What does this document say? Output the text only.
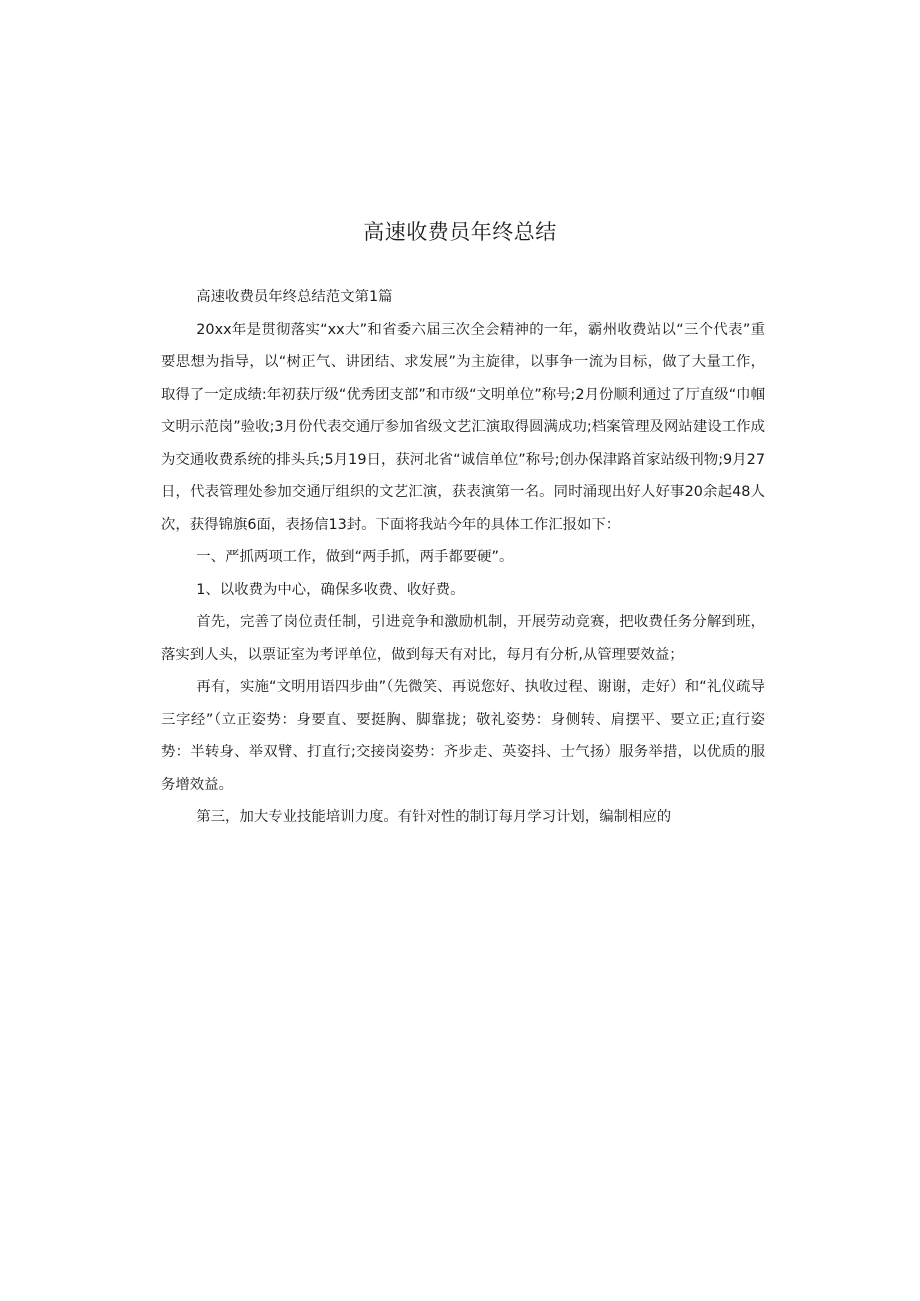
高速收费员年终总结

高速收费员年终总结范文第1篇

20xx年是贯彻落实“xx大”和省委六届三次全会精神的一年，霸州收费站以“三个代表”重要思想为指导，以“树正气、讲团结、求发展”为主旋律，以事争一流为目标，做了大量工作，取得了一定成绩:年初获厅级“优秀团支部”和市级“文明单位”称号;2月份顺利通过了厅直级“巾帼文明示范岗”验收;3月份代表交通厅参加省级文艺汇演取得圆满成功;档案管理及网站建设工作成为交通收费系统的排头兵;5月19日，获河北省“诚信单位”称号;创办保津路首家站级刊物;9月27日，代表管理处参加交通厅组织的文艺汇演，获表演第一名。同时涌现出好人好事20余起48人次，获得锦旗6面，表扬信13封。下面将我站今年的具体工作汇报如下：

一、严抓两项工作，做到“两手抓，两手都要硬”。

1、以收费为中心，确保多收费、收好费。

首先，完善了岗位责任制，引进竞争和激励机制，开展劳动竞赛，把收费任务分解到班，落实到人头，以票证室为考评单位，做到每天有对比，每月有分析,从管理要效益；

再有，实施“文明用语四步曲”（先微笑、再说您好、执收过程、谢谢，走好）和“礼仪疏导三字经”（立正姿势：身要直、要挺胸、脚靠拢；敬礼姿势：身侧转、肩摆平、要立正;直行姿势：半转身、举双臂、打直行;交接岗姿势：齐步走、英姿抖、士气扬）服务举措，以优质的服务增效益。

第三，加大专业技能培训力度。有针对性的制订每月学习计划，编制相应的
